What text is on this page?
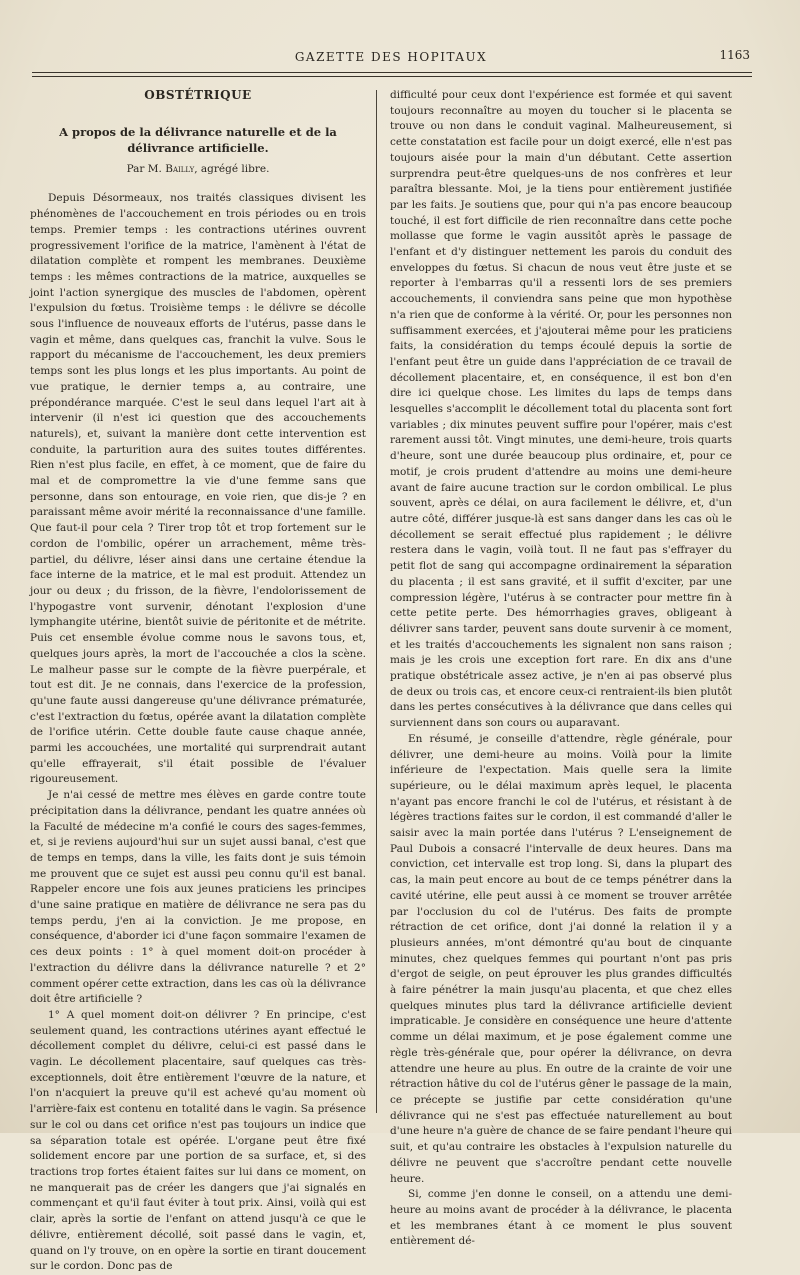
GAZETTE DES HOPITAUX	1163
OBSTÉTRIQUE
A propos de la délivrance naturelle et de la délivrance artificielle.
Par M. Bailly, agrégé libre.

Depuis Désormeaux, nos traités classiques divisent les phénomènes de l'accouchement en trois périodes ou en trois temps. Premier temps : les contractions utérines ouvrent progressivement l'orifice de la matrice, l'amènent à l'état de dilatation complète et rompent les membranes. Deuxième temps : les mêmes contractions de la matrice, auxquelles se joint l'action synergique des muscles de l'abdomen, opèrent l'expulsion du fœtus. Troisième temps : le délivre se décolle sous l'influence de nouveaux efforts de l'utérus, passe dans le vagin et même, dans quelques cas, franchit la vulve. Sous le rapport du mécanisme de l'accouchement, les deux premiers temps sont les plus longs et les plus importants. Au point de vue pratique, le dernier temps a, au contraire, une prépondérance marquée. C'est le seul dans lequel l'art ait à intervenir (il n'est ici question que des accouchements naturels), et, suivant la manière dont cette intervention est conduite, la parturition aura des suites toutes différentes. Rien n'est plus facile, en effet, à ce moment, que de faire du mal et de compromettre la vie d'une femme sans que personne, dans son entourage, en voie rien, que dis-je ? en paraissant même avoir mérité la reconnaissance d'une famille. Que faut-il pour cela ? Tirer trop tôt et trop fortement sur le cordon de l'ombilic, opérer un arrachement, même très-partiel, du délivre, léser ainsi dans une certaine étendue la face interne de la matrice, et le mal est produit. Attendez un jour ou deux ; du frisson, de la fièvre, l'endolorissement de l'hypogastre vont survenir, dénotant l'explosion d'une lymphangite utérine, bientôt suivie de péritonite et de métrite. Puis cet ensemble évolue comme nous le savons tous, et, quelques jours après, la mort de l'accouchée a clos la scène. Le malheur passe sur le compte de la fièvre puerpérale, et tout est dit. Je ne connais, dans l'exercice de la profession, qu'une faute aussi dangereuse qu'une délivrance prématurée, c'est l'extraction du fœtus, opérée avant la dilatation complète de l'orifice utérin. Cette double faute cause chaque année, parmi les accouchées, une mortalité qui surprendrait autant qu'elle effrayerait, s'il était possible de l'évaluer rigoureusement.

Je n'ai cessé de mettre mes élèves en garde contre toute précipitation dans la délivrance, pendant les quatre années où la Faculté de médecine m'a confié le cours des sages-femmes, et, si je reviens aujourd'hui sur un sujet aussi banal, c'est que de temps en temps, dans la ville, les faits dont je suis témoin me prouvent que ce sujet est aussi peu connu qu'il est banal. Rappeler encore une fois aux jeunes praticiens les principes d'une saine pratique en matière de délivrance ne sera pas du temps perdu, j'en ai la conviction. Je me propose, en conséquence, d'aborder ici d'une façon sommaire l'examen de ces deux points : 1° à quel moment doit-on procéder à l'extraction du délivre dans la délivrance naturelle ? et 2° comment opérer cette extraction, dans les cas où la délivrance doit être artificielle ?

1° A quel moment doit-on délivrer ? En principe, c'est seulement quand, les contractions utérines ayant effectué le décollement complet du délivre, celui-ci est passé dans le vagin. Le décollement placentaire, sauf quelques cas très-exceptionnels, doit être entièrement l'œuvre de la nature, et l'on n'acquiert la preuve qu'il est achevé qu'au moment où l'arrière-faix est contenu en totalité dans le vagin. Sa présence sur le col ou dans cet orifice n'est pas toujours un indice que sa séparation totale est opérée. L'organe peut être fixé solidement encore par une portion de sa surface, et, si des tractions trop fortes étaient faites sur lui dans ce moment, on ne manquerait pas de créer les dangers que j'ai signalés en commençant et qu'il faut éviter à tout prix. Ainsi, voilà qui est clair, après la sortie de l'enfant on attend jusqu'à ce que le délivre, entièrement décollé, soit passé dans le vagin, et, quand on l'y trouve, on en opère la sortie en tirant doucement sur le cordon. Donc pas de

difficulté pour ceux dont l'expérience est formée et qui savent toujours reconnaître au moyen du toucher si le placenta se trouve ou non dans le conduit vaginal. Malheureusement, si cette constatation est facile pour un doigt exercé, elle n'est pas toujours aisée pour la main d'un débutant. Cette assertion surprendra peut-être quelques-uns de nos confrères et leur paraîtra blessante. Moi, je la tiens pour entièrement justifiée par les faits. Je soutiens que, pour qui n'a pas encore beaucoup touché, il est fort difficile de rien reconnaître dans cette poche mollasse que forme le vagin aussitôt après le passage de l'enfant et d'y distinguer nettement les parois du conduit des enveloppes du fœtus. Si chacun de nous veut être juste et se reporter à l'embarras qu'il a ressenti lors de ses premiers accouchements, il conviendra sans peine que mon hypothèse n'a rien que de conforme à la vérité. Or, pour les personnes non suffisamment exercées, et j'ajouterai même pour les praticiens faits, la considération du temps écoulé depuis la sortie de l'enfant peut être un guide dans l'appréciation de ce travail de décollement placentaire, et, en conséquence, il est bon d'en dire ici quelque chose. Les limites du laps de temps dans lesquelles s'accomplit le décollement total du placenta sont fort variables ; dix minutes peuvent suffire pour l'opérer, mais c'est rarement aussi tôt. Vingt minutes, une demi-heure, trois quarts d'heure, sont une durée beaucoup plus ordinaire, et, pour ce motif, je crois prudent d'attendre au moins une demi-heure avant de faire aucune traction sur le cordon ombilical. Le plus souvent, après ce délai, on aura facilement le délivre, et, d'un autre côté, différer jusque-là est sans danger dans les cas où le décollement se serait effectué plus rapidement ; le délivre restera dans le vagin, voilà tout. Il ne faut pas s'effrayer du petit flot de sang qui accompagne ordinairement la séparation du placenta ; il est sans gravité, et il suffit d'exciter, par une compression légère, l'utérus à se contracter pour mettre fin à cette petite perte. Des hémorrhagies graves, obligeant à délivrer sans tarder, peuvent sans doute survenir à ce moment, et les traités d'accouchements les signalent non sans raison ; mais je les crois une exception fort rare. En dix ans d'une pratique obstétricale assez active, je n'en ai pas observé plus de deux ou trois cas, et encore ceux-ci rentraient-ils bien plutôt dans les pertes consécutives à la délivrance que dans celles qui surviennent dans son cours ou auparavant.

En résumé, je conseille d'attendre, règle générale, pour délivrer, une demi-heure au moins. Voilà pour la limite inférieure de l'expectation. Mais quelle sera la limite supérieure, ou le délai maximum après lequel, le placenta n'ayant pas encore franchi le col de l'utérus, et résistant à de légères tractions faites sur le cordon, il est commandé d'aller le saisir avec la main portée dans l'utérus ? L'enseignement de Paul Dubois a consacré l'intervalle de deux heures. Dans ma conviction, cet intervalle est trop long. Si, dans la plupart des cas, la main peut encore au bout de ce temps pénétrer dans la cavité utérine, elle peut aussi à ce moment se trouver arrêtée par l'occlusion du col de l'utérus. Des faits de prompte rétraction de cet orifice, dont j'ai donné la relation il y a plusieurs années, m'ont démontré qu'au bout de cinquante minutes, chez quelques femmes qui pourtant n'ont pas pris d'ergot de seigle, on peut éprouver les plus grandes difficultés à faire pénétrer la main jusqu'au placenta, et que chez elles quelques minutes plus tard la délivrance artificielle devient impraticable. Je considère en conséquence une heure d'attente comme un délai maximum, et je pose également comme une règle très-générale que, pour opérer la délivrance, on devra attendre une heure au plus. En outre de la crainte de voir une rétraction hâtive du col de l'utérus gêner le passage de la main, ce précepte se justifie par cette considération qu'une délivrance qui ne s'est pas effectuée naturellement au bout d'une heure n'a guère de chance de se faire pendant l'heure qui suit, et qu'au contraire les obstacles à l'expulsion naturelle du délivre ne peuvent que s'accroître pendant cette nouvelle heure.

Si, comme j'en donne le conseil, on a attendu une demi-heure au moins avant de procéder à la délivrance, le placenta et les membranes étant à ce moment le plus souvent entièrement dé-
